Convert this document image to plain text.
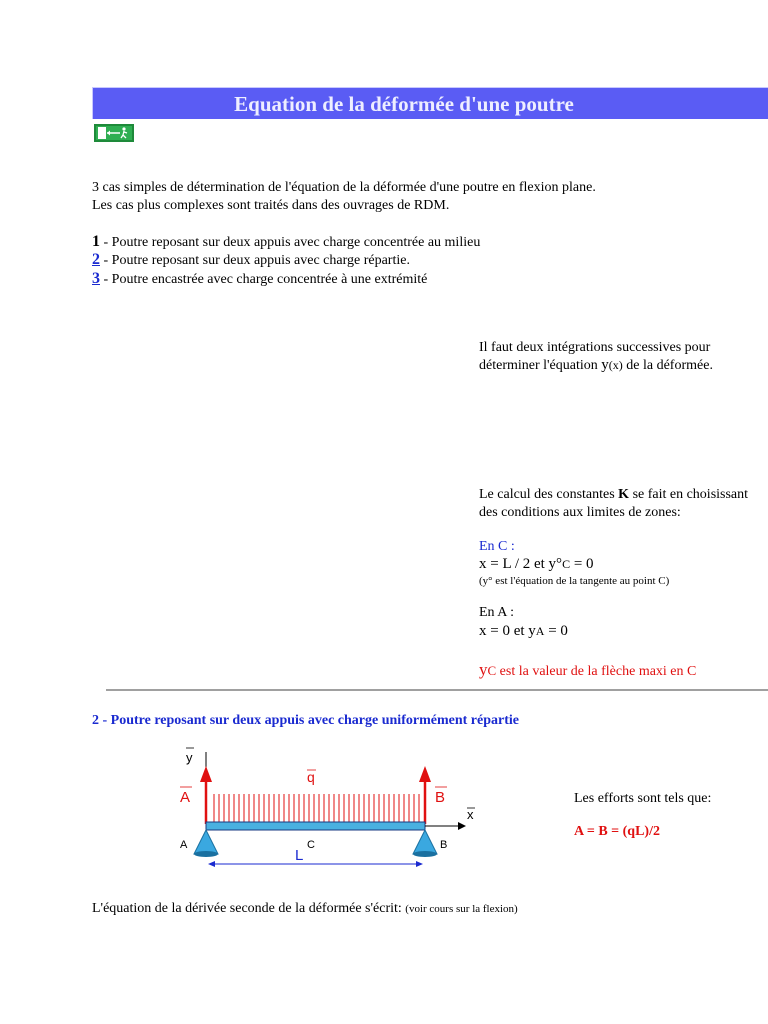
Equation de la déformée d'une poutre
3 cas simples de détermination de l'équation de la déformée d'une poutre en flexion plane.
Les cas plus complexes sont traités dans des ouvrages de RDM.
1 - Poutre reposant sur deux appuis avec charge concentrée au milieu
2 - Poutre reposant sur deux appuis avec charge répartie.
3 - Poutre encastrée avec charge concentrée à une extrémité
Il faut deux intégrations successives pour
déterminer l'équation y(x) de la déformée.
Le calcul des constantes K se fait en choisissant
des conditions aux limites de zones:
En C :
x = L / 2 et y°C = 0
(y° est l'équation de la tangente au point C)
En A :
x = 0 et yA = 0
yC est la valeur de la flèche maxi en C
2 - Poutre reposant sur deux appuis avec charge uniformément répartie
y
q
A	B
x
A	B
C
L
Les efforts sont tels que:
A = B = (qL)/2
L'équation de la dérivée seconde de la déformée s'écrit: (voir cours sur la flexion)
